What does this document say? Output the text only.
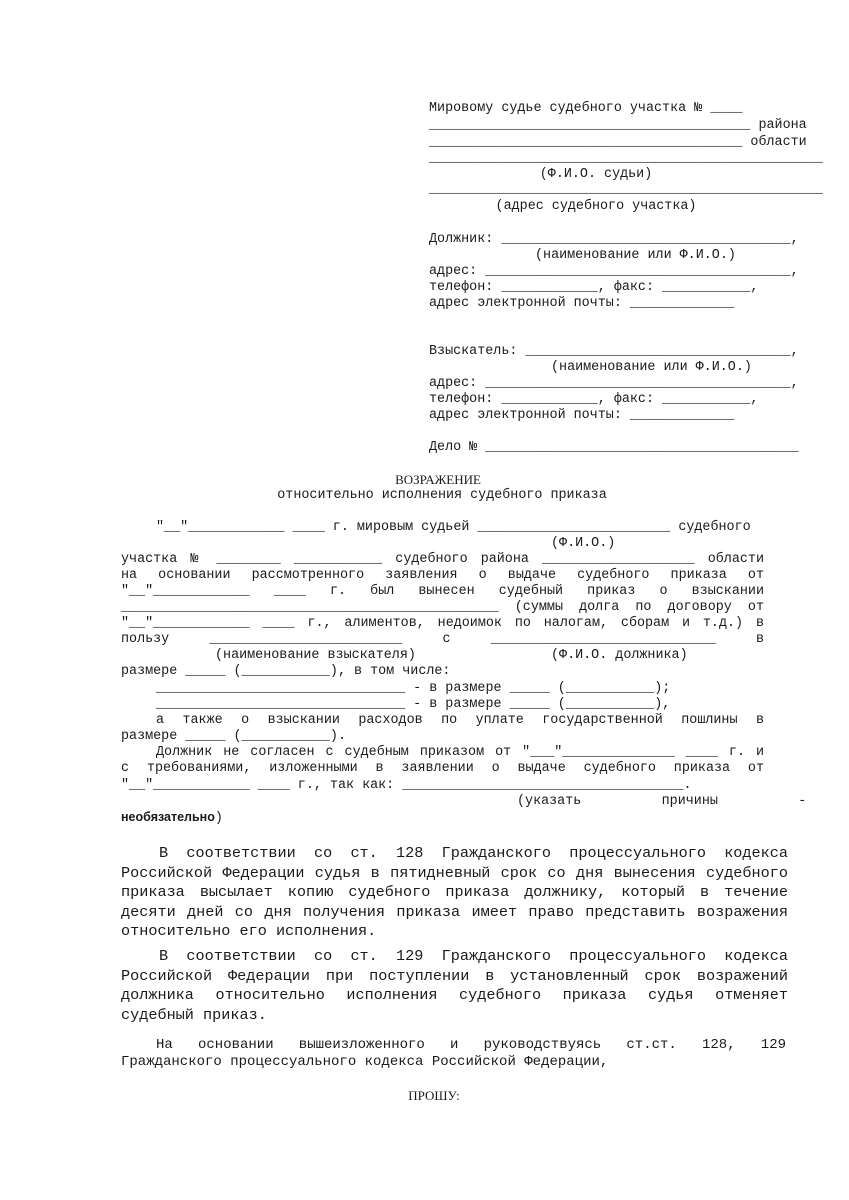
Мировому судье судебного участка № ____
________________________________________ района
_______________________________________ области
_________________________________________________
(Ф.И.О. судьи)
_________________________________________________
(адрес судебного участка)
Должник: ____________________________________,
(наименование или Ф.И.О.)
адрес: ______________________________________,
телефон: ____________, факс: ___________,
адрес электронной почты: _____________
Взыскатель: _________________________________,
(наименование или Ф.И.О.)
адрес: ______________________________________,
телефон: ____________, факс: ___________,
адрес электронной почты: _____________
Дело № _______________________________________
ВОЗРАЖЕНИЕ
относительно исполнения судебного приказа
"__"____________ ____ г. мировым судьей ________________________ судебного
(Ф.И.О.)
участка № ________ ___________ судебного района ___________________ области
на основании рассмотренного заявления о выдаче судебного приказа от
"__"____________ ____ г. был вынесен судебный приказ о взыскании
_______________________________________________ (суммы долга по договору от
"__"____________ ____ г., алиментов, недоимок по налогам, сборам и т.д.) в
пользу ________________________ с ____________________________ в
(наименование взыскателя)	(Ф.И.О. должника)
размере _____ (___________), в том числе:
_______________________________ - в размере _____ (___________);
_______________________________ - в размере _____ (___________),
а также о взыскании расходов по уплате государственной пошлины в
размере _____ (___________).
Должник не согласен с судебным приказом от "___"______________ ____ г. и
с требованиями, изложенными в заявлении о выдаче судебного приказа от
"__"____________ ____ г., так как: ___________________________________.
(указать          причины          -
необязательно)
В соответствии со ст. 128 Гражданского процессуального кодекса Российской Федерации судья в пятидневный срок со дня вынесения судебного приказа высылает копию судебного приказа должнику, который в течение десяти дней со дня получения приказа имеет право представить возражения относительно его исполнения.
В соответствии со ст. 129 Гражданского процессуального кодекса Российской Федерации при поступлении в установленный срок возражений должника относительно исполнения судебного приказа судья отменяет судебный приказ.
На основании вышеизложенного и руководствуясь ст.ст. 128, 129
Гражданского процессуального кодекса Российской Федерации,
ПРОШУ:
